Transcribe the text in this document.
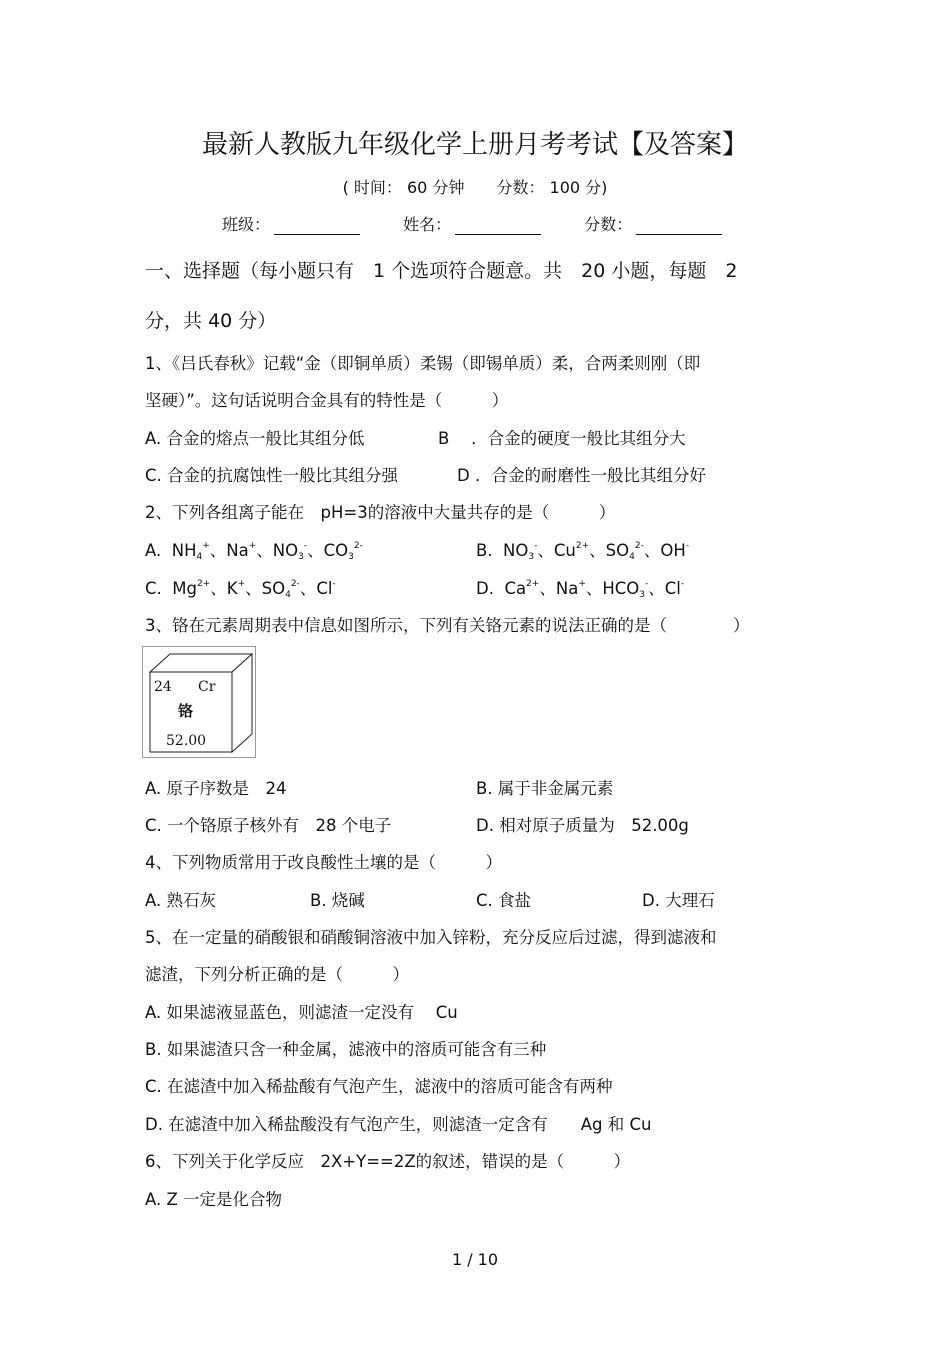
最新人教版九年级化学上册月考考试【及答案】
( 时间： 60 分钟　　分数： 100 分)
班级：	姓名：	分数：
一、选择题（每小题只有　1 个选项符合题意。共　20 小题，每题　2
分，共 40 分）
1、《吕氏春秋》记载“金（即铜单质）柔锡（即锡单质）柔，合两柔则刚（即
坚硬）”。这句话说明合金具有的特性是（　　　）
A. 合金的熔点一般比其组分低	B　 ．合金的硬度一般比其组分大
C. 合金的抗腐蚀性一般比其组分强	D ．合金的耐磨性一般比其组分好
2、下列各组离子能在　pH=3的溶液中大量共存的是（　　　）
A.  $NH_4^+$、Na+、$NO_3^-$、$CO_3^{2-}$	B.  $NO_3^-$、$Cu^{2+}$、$SO_4^{2-}$、OH-
C.  $Mg^{2+}$、K+、$SO_4^{2-}$、Cl-	D.  $Ca^{2+}$、Na+、$HCO_3^-$、Cl-
3、铬在元素周期表中信息如图所示，下列有关铬元素的说法正确的是（　　　　）
24 Cr
铬
52.00
A. 原子序数是　24	B. 属于非金属元素
C. 一个铬原子核外有　28 个电子	D. 相对原子质量为　52.00g
4、下列物质常用于改良酸性土壤的是（　　　）
A. 熟石灰	B. 烧碱	C. 食盐	D. 大理石
5、在一定量的硝酸银和硝酸铜溶液中加入锌粉，充分反应后过滤，得到滤液和
滤渣，下列分析正确的是（　　　）
A. 如果滤液显蓝色，则滤渣一定没有　 Cu
B. 如果滤渣只含一种金属，滤液中的溶质可能含有三种
C. 在滤渣中加入稀盐酸有气泡产生，滤液中的溶质可能含有两种
D. 在滤渣中加入稀盐酸没有气泡产生，则滤渣一定含有　　Ag 和 Cu
6、下列关于化学反应　2X+Y==2Z的叙述，错误的是（　　　）
A. Z 一定是化合物
1 / 10
